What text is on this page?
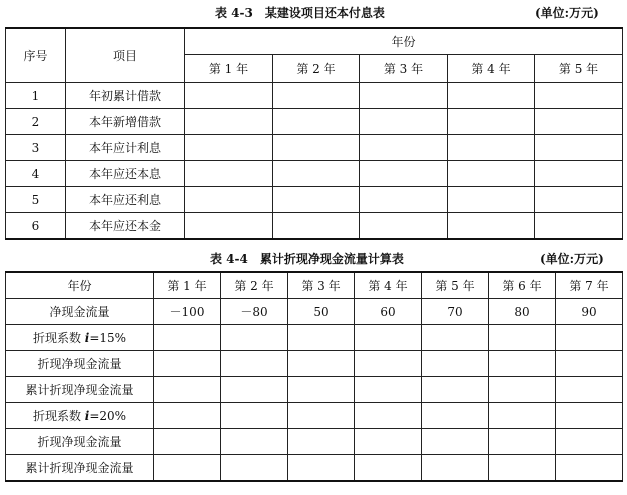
表 4-3　某建设项目还本付息表	(单位:万元)
序号	项目	年份				
		第 1 年	第 2 年	第 3 年	第 4 年	第 5 年
1	年初累计借款					
2	本年新增借款					
3	本年应计利息					
4	本年应还本息					
5	本年应还利息					
6	本年应还本金					
表 4-4　累计折现净现金流量计算表	(单位:万元)
年份	第 1 年	第 2 年	第 3 年	第 4 年	第 5 年	第 6 年	第 7 年
净现金流量	－100	－80	50	60	70	80	90
折现系数 i=15%							
折现净现金流量							
累计折现净现金流量							
折现系数 i=20%							
折现净现金流量							
累计折现净现金流量							
